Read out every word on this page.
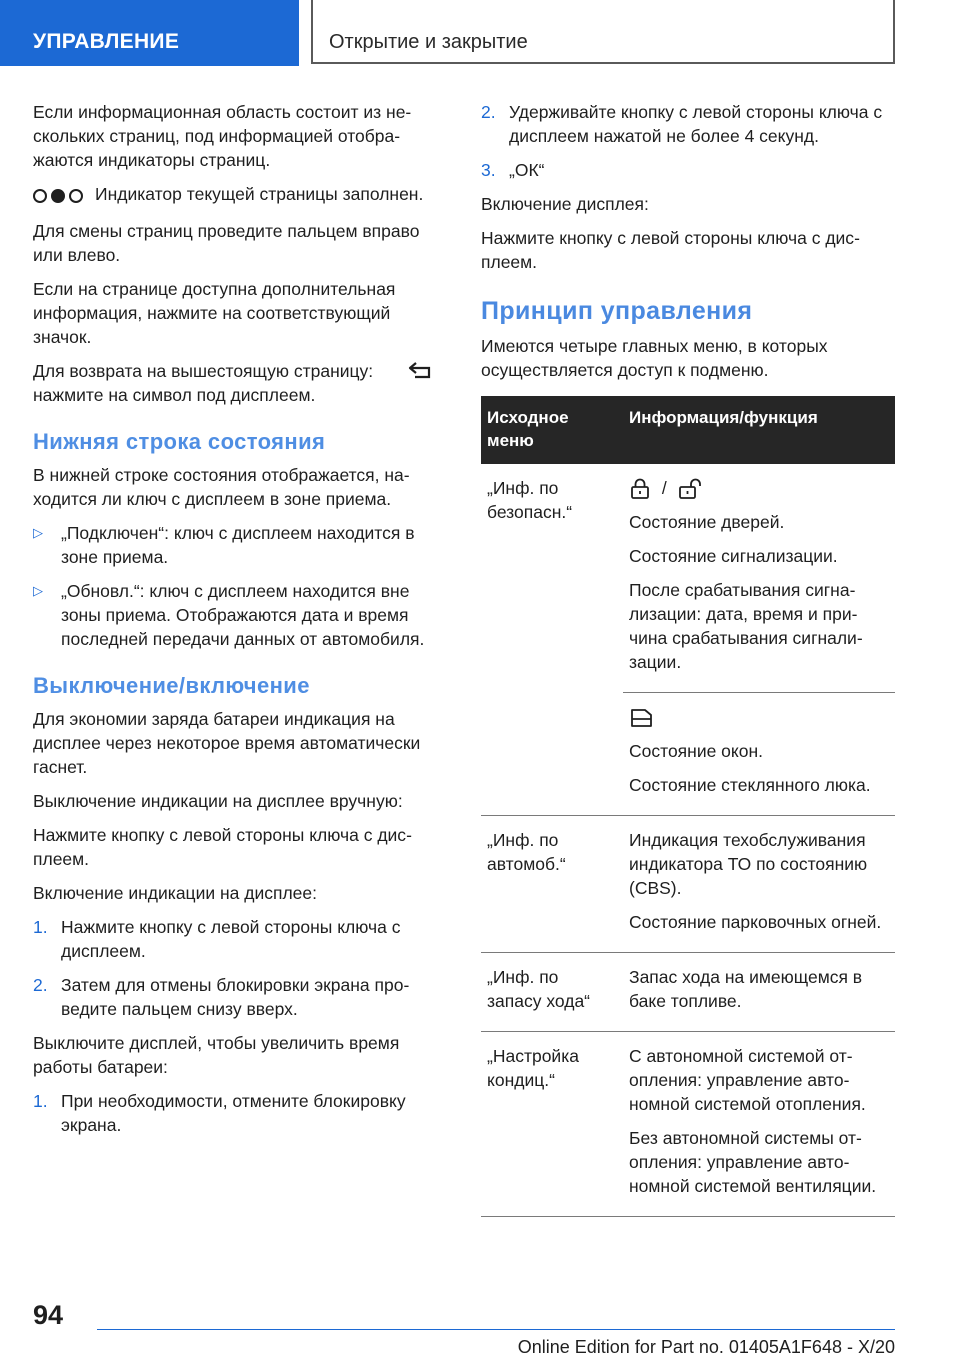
УПРАВЛЕНИЕ	Открытие и закрытие

Если информационная область состоит из нескольких страниц, под информацией отображаются индикаторы страниц.

Индикатор текущей страницы заполнен.

Для смены страниц проведите пальцем вправо или влево.

Если на странице доступна дополнительная информация, нажмите на соответствующий значок.

Для возврата на вышестоящую страницу: нажмите на символ под дисплеем.

Нижняя строка состояния

В нижней строке состояния отображается, находится ли ключ с дисплеем в зоне приема.

▷ „Подключен“: ключ с дисплеем находится в зоне приема.
▷ „Обновл.“: ключ с дисплеем находится вне зоны приема. Отображаются дата и время последней передачи данных от автомобиля.
Выключение/включение

Для экономии заряда батареи индикация на дисплее через некоторое время автоматически гаснет.

Выключение индикации на дисплее вручную:

Нажмите кнопку с левой стороны ключа с дисплеем.

Включение индикации на дисплее:

1. Нажмите кнопку с левой стороны ключа с дисплеем.
2. Затем для отмены блокировки экрана проведите пальцем снизу вверх.

Выключите дисплей, чтобы увеличить время работы батареи:

1. При необходимости, отмените блокировку экрана.
2. Удерживайте кнопку с левой стороны ключа с дисплеем нажатой не более 4 секунд.
3. „ОК“

Включение дисплея:

Нажмите кнопку с левой стороны ключа с дисплеем.

Принцип управления

Имеются четыре главных меню, в которых осуществляется доступ к подменю.

Исходное меню	Информация/функция
„Инф. по безопасн.“	/

Состояние дверей.

Состояние сигнализации.

После срабатывания сигнализации: дата, время и причина срабатывания сигнализации.

	Состояние окон.

Состояние стеклянного люка.

„Инф. по автомоб.“	Индикация техобслуживания индикатора ТО по состоянию (CBS).

Состояние парковочных огней.

„Инф. по запасу хода“	Запас хода на имеющемся в баке топливе.

„Настройка кондиц.“	С автономной системой отопления: управление автономной системой отопления.

Без автономной системы отопления: управление автономной системой вентиляции.

94
Online Edition for Part no. 01405A1F648 - X/20
